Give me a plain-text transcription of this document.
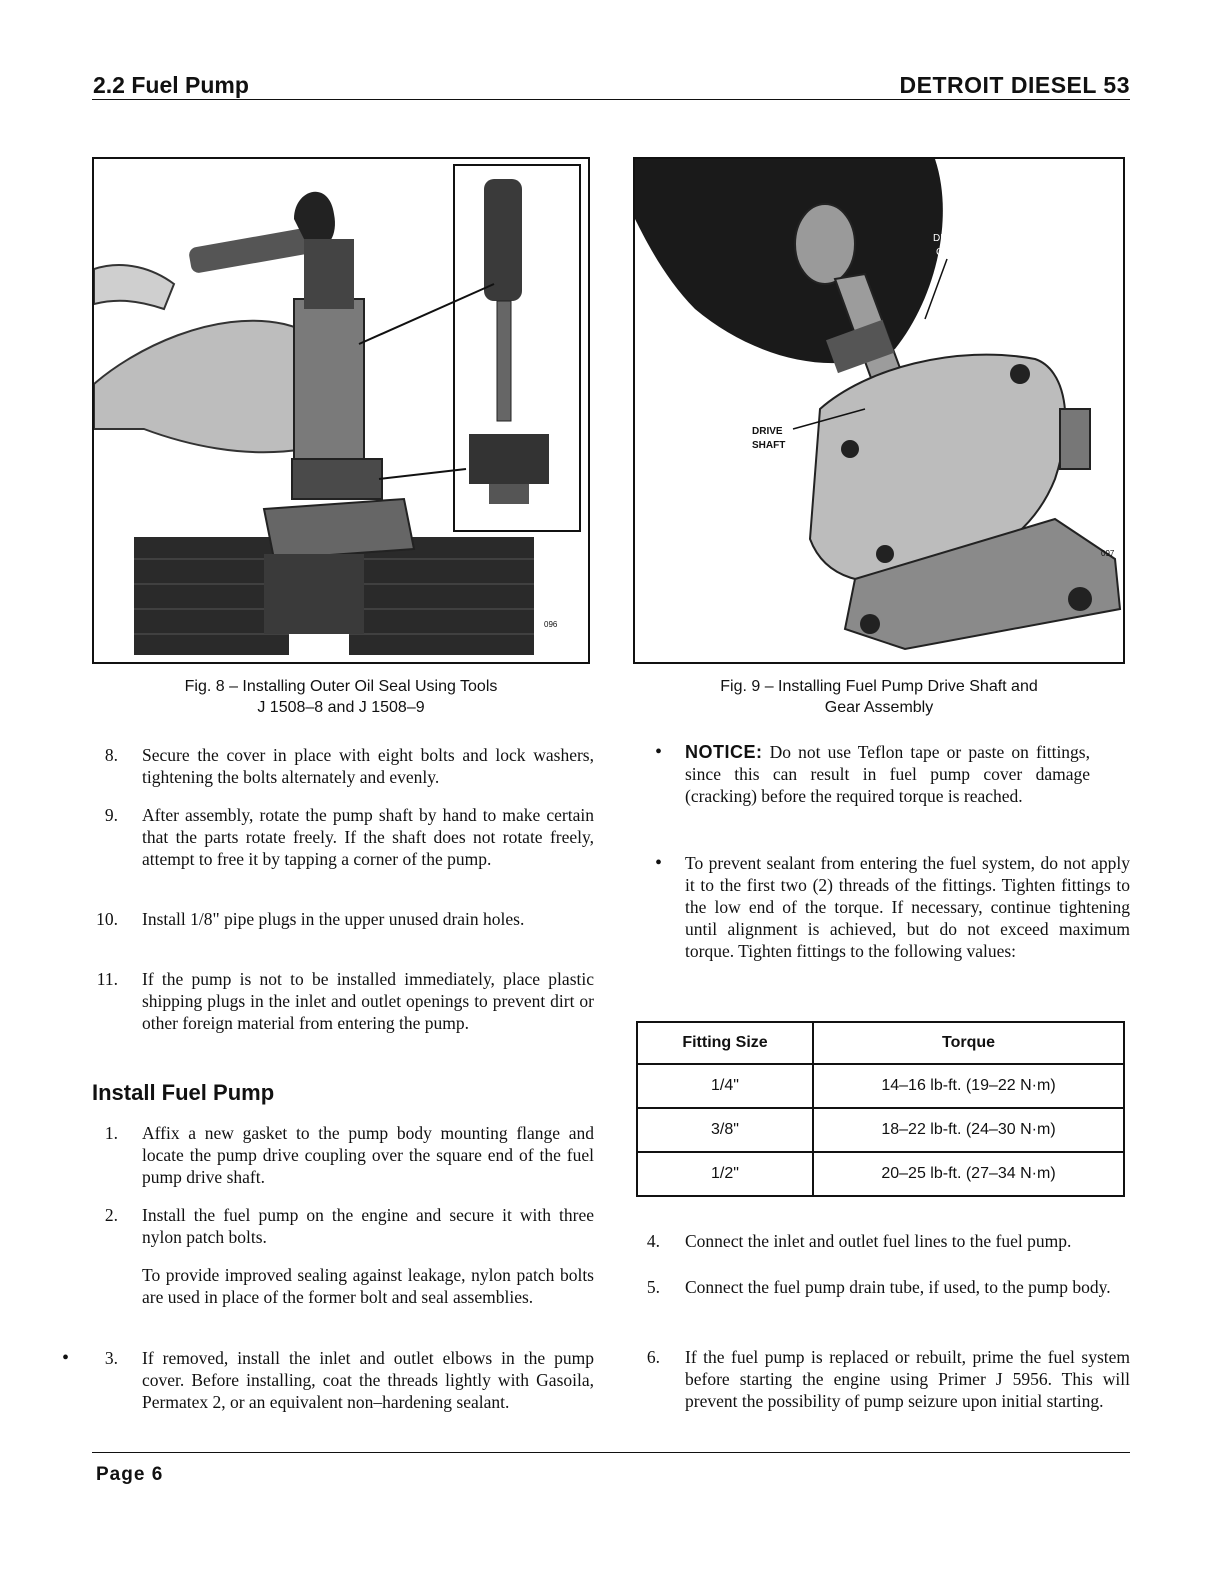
2.2 Fuel Pump	DETROIT DIESEL 53
096
Fig. 8 – Installing Outer Oil Seal Using Tools
J 1508–8 and J 1508–9
DRIVE
GEAR
DRIVE
SHAFT
097
Fig. 9 – Installing Fuel Pump Drive Shaft and
Gear Assembly
8. Secure the cover in place with eight bolts and lock washers, tightening the bolts alternately and evenly.
9. After assembly, rotate the pump shaft by hand to make certain that the parts rotate freely. If the shaft does not rotate freely, attempt to free it by tapping a corner of the pump.
10. Install 1/8" pipe plugs in the upper unused drain holes.
11. If the pump is not to be installed immediately, place plastic shipping plugs in the inlet and outlet openings to prevent dirt or other foreign material from entering the pump.
Install Fuel Pump
1. Affix a new gasket to the pump body mounting flange and locate the pump drive coupling over the square end of the fuel pump drive shaft.
2. Install the fuel pump on the engine and secure it with three nylon patch bolts.
To provide improved sealing against leakage, nylon patch bolts are used in place of the former bolt and seal assemblies.
•	3. If removed, install the inlet and outlet elbows in the pump cover. Before installing, coat the threads lightly with Gasoila, Permatex 2, or an equivalent non–hardening sealant.
• NOTICE: Do not use Teflon tape or paste on fittings, since this can result in fuel pump cover damage (cracking) before the required torque is reached.
• To prevent sealant from entering the fuel system, do not apply it to the first two (2) threads of the fittings. Tighten fittings to the low end of the torque. If necessary, continue tightening until alignment is achieved, but do not exceed maximum torque. Tighten fittings to the following values:
Fitting Size	Torque
1/4"	14–16 lb-ft. (19–22 N·m)
3/8"	18–22 lb-ft. (24–30 N·m)
1/2"	20–25 lb-ft. (27–34 N·m)
4. Connect the inlet and outlet fuel lines to the fuel pump.
5. Connect the fuel pump drain tube, if used, to the pump body.
6. If the fuel pump is replaced or rebuilt, prime the fuel system before starting the engine using Primer J 5956. This will prevent the possibility of pump seizure upon initial starting.
Page 6
